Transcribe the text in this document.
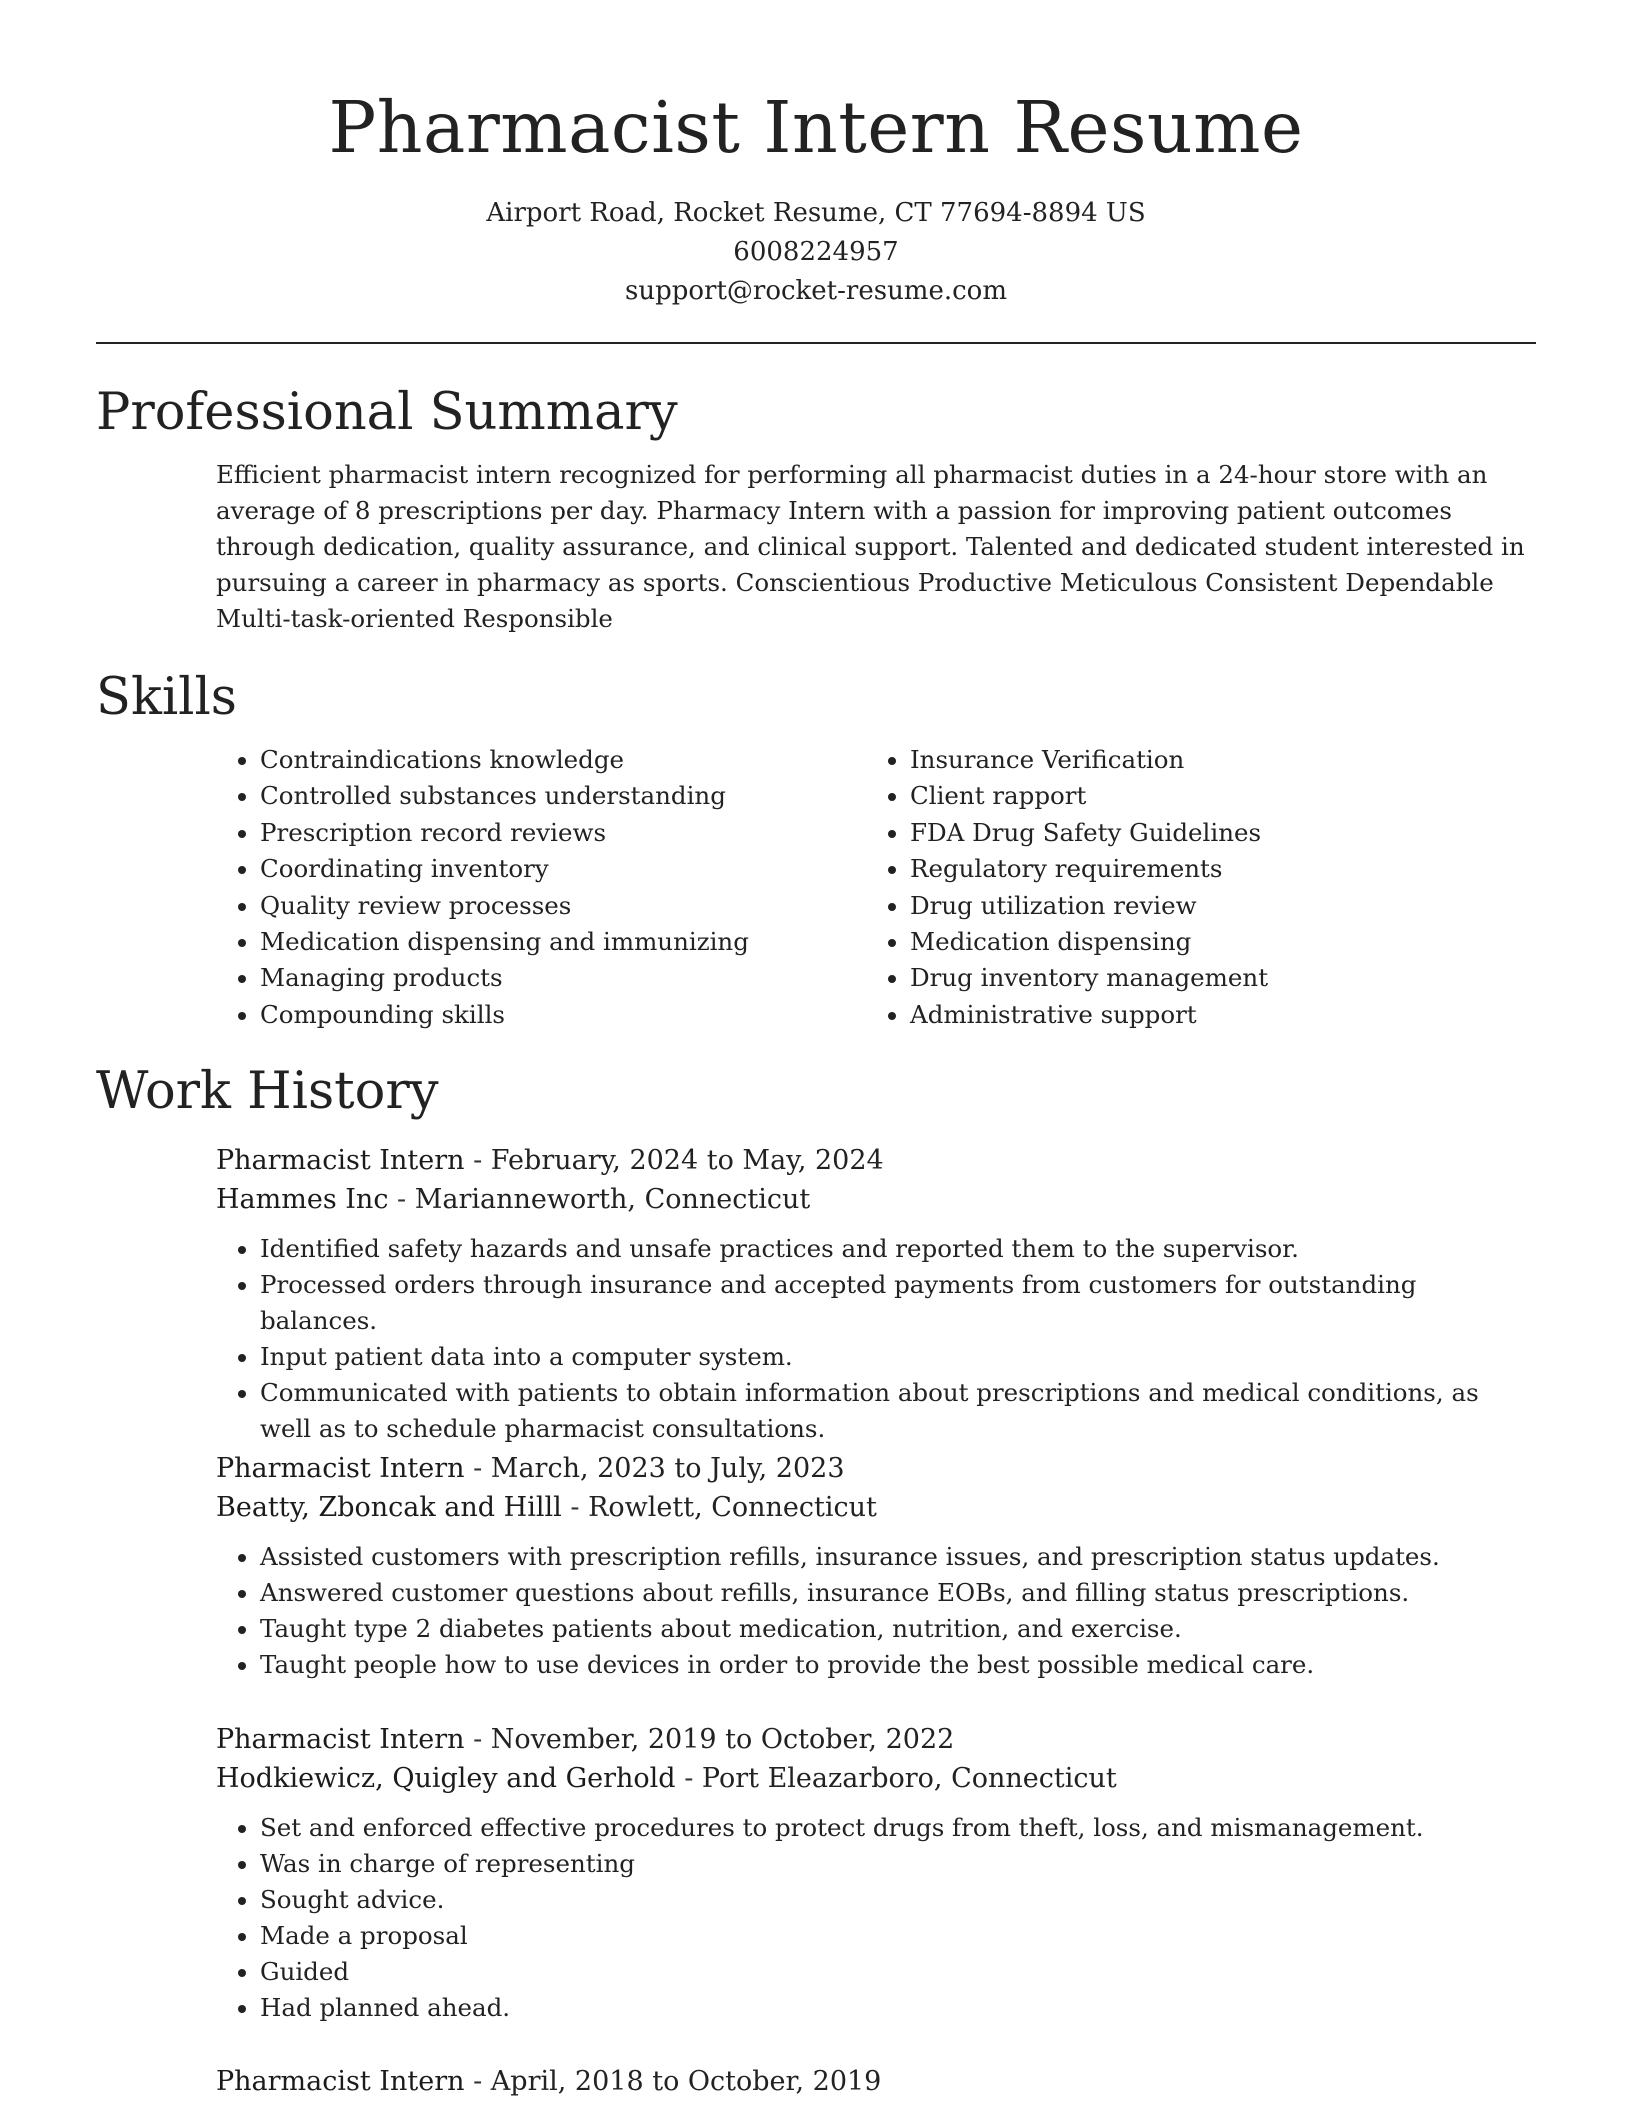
Pharmacist Intern Resume
Airport Road, Rocket Resume, CT 77694-8894 US
6008224957
support@rocket-resume.com
Professional Summary

Efficient pharmacist intern recognized for performing all pharmacist duties in a 24-hour store with an average of 8 prescriptions per day. Pharmacy Intern with a passion for improving patient outcomes through dedication, quality assurance, and clinical support. Talented and dedicated student interested in pursuing a career in pharmacy as sports. Conscientious Productive Meticulous Consistent Dependable Multi-task-oriented Responsible

Skills
• Contraindications knowledge
• Controlled substances understanding
• Prescription record reviews
• Coordinating inventory
• Quality review processes
• Medication dispensing and immunizing
• Managing products
• Compounding skills
• Insurance Verification
• Client rapport
• FDA Drug Safety Guidelines
• Regulatory requirements
• Drug utilization review
• Medication dispensing
• Drug inventory management
• Administrative support
Work History
Pharmacist Intern - February, 2024 to May, 2024
Hammes Inc - Marianneworth, Connecticut
• Identified safety hazards and unsafe practices and reported them to the supervisor.
• Processed orders through insurance and accepted payments from customers for outstanding balances.
• Input patient data into a computer system.
• Communicated with patients to obtain information about prescriptions and medical conditions, as well as to schedule pharmacist consultations.
Pharmacist Intern - March, 2023 to July, 2023
Beatty, Zboncak and Hilll - Rowlett, Connecticut
• Assisted customers with prescription refills, insurance issues, and prescription status updates.
• Answered customer questions about refills, insurance EOBs, and filling status prescriptions.
• Taught type 2 diabetes patients about medication, nutrition, and exercise.
• Taught people how to use devices in order to provide the best possible medical care.
Pharmacist Intern - November, 2019 to October, 2022
Hodkiewicz, Quigley and Gerhold - Port Eleazarboro, Connecticut
• Set and enforced effective procedures to protect drugs from theft, loss, and mismanagement.
• Was in charge of representing
• Sought advice.
• Made a proposal
• Guided
• Had planned ahead.
Pharmacist Intern - April, 2018 to October, 2019
